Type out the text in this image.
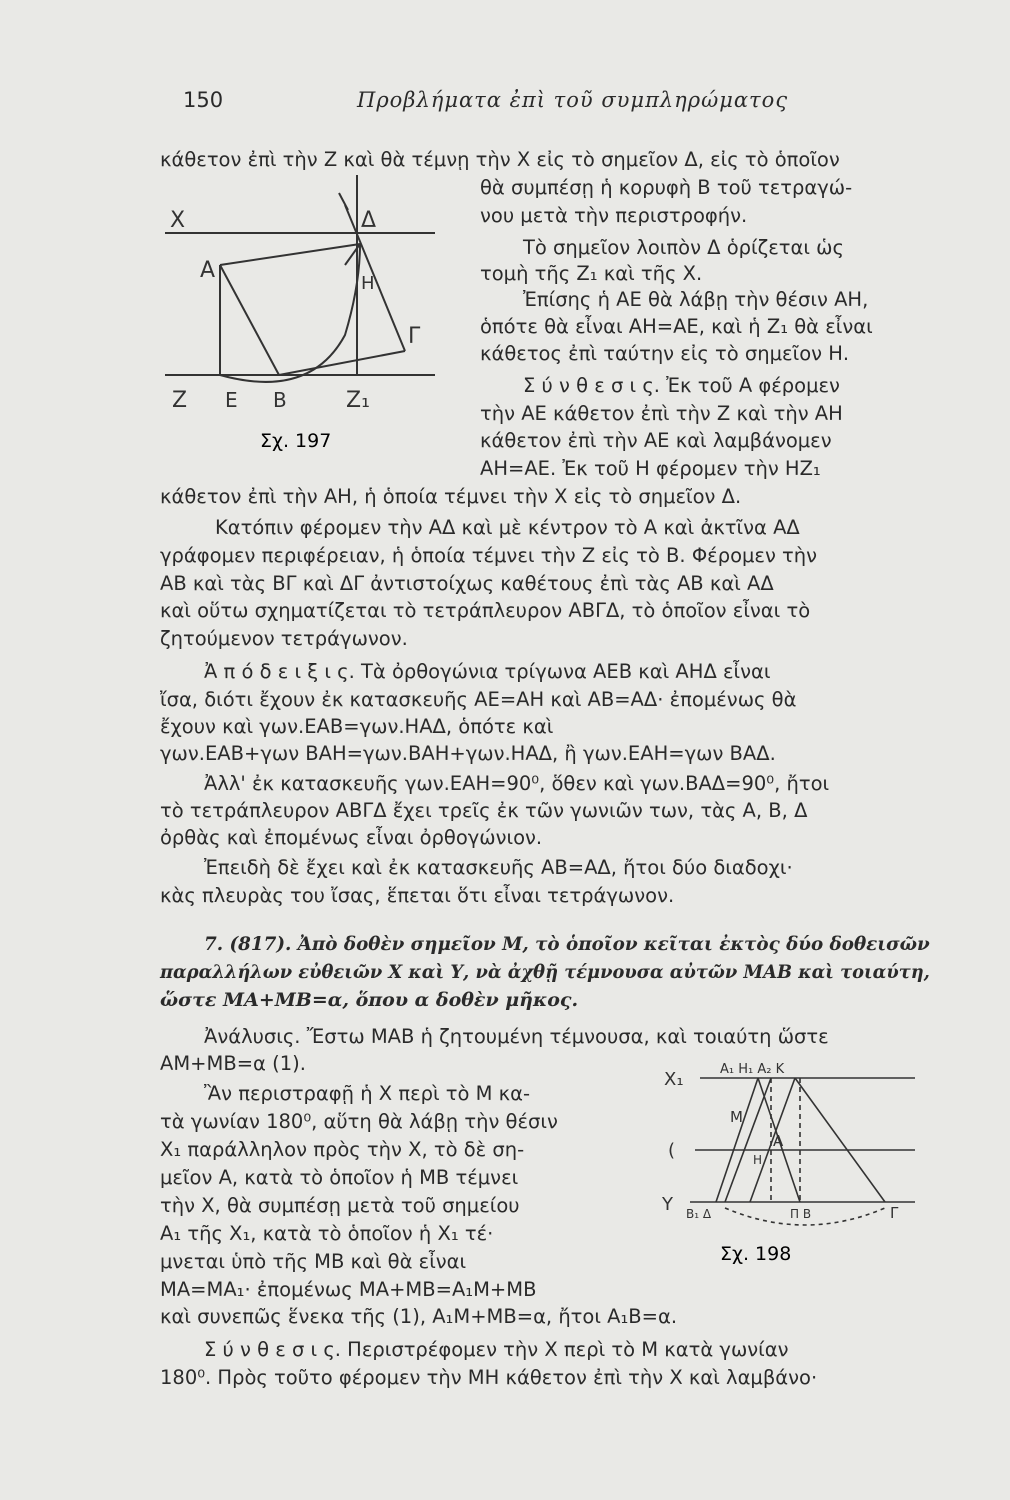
150	Προβλήματα ἐπὶ τοῦ συμπληρώματος
X	Δ
A
H
Γ
Z E B	Z₁
Σχ. 197
X₁	A₁ H₁ A₂ K
M
(	A
H
Y B₁ Δ	Π B	Γ
Σχ. 198
κάθετον ἐπὶ τὴν Ζ καὶ θὰ τέμνῃ τὴν Χ εἰς τὸ σημεῖον Δ, εἰς τὸ ὁποῖον
θὰ συμπέσῃ ἡ κορυφὴ Β τοῦ τετραγώ-
νου μετὰ τὴν περιστροφήν.
Τὸ σημεῖον λοιπὸν Δ ὁρίζεται ὡς
τομὴ τῆς Ζ₁ καὶ τῆς Χ.
Ἐπίσης ἡ ΑΕ θὰ λάβῃ τὴν θέσιν ΑΗ,
ὁπότε θὰ εἶναι ΑΗ=ΑΕ, καὶ ἡ Ζ₁ θὰ εἶναι
κάθετος ἐπὶ ταύτην εἰς τὸ σημεῖον Η.
Σ ύ ν θ ε σ ι ς. Ἐκ τοῦ Α φέρομεν
τὴν ΑΕ κάθετον ἐπὶ τὴν Ζ καὶ τὴν ΑΗ
κάθετον ἐπὶ τὴν ΑΕ καὶ λαμβάνομεν
ΑΗ=ΑΕ. Ἐκ τοῦ Η φέρομεν τὴν ΗΖ₁
κάθετον ἐπὶ τὴν ΑΗ, ἡ ὁποία τέμνει τὴν Χ εἰς τὸ σημεῖον Δ.
Κατόπιν φέρομεν τὴν ΑΔ καὶ μὲ κέντρον τὸ Α καὶ ἀκτῖνα ΑΔ
γράφομεν περιφέρειαν, ἡ ὁποία τέμνει τὴν Ζ εἰς τὸ Β. Φέρομεν τὴν
ΑΒ καὶ τὰς ΒΓ καὶ ΔΓ ἀντιστοίχως καθέτους ἐπὶ τὰς ΑΒ καὶ ΑΔ
καὶ οὕτω σχηματίζεται τὸ τετράπλευρον ΑΒΓΔ, τὸ ὁποῖον εἶναι τὸ
ζητούμενον τετράγωνον.
Ἀ π ό δ ε ι ξ ι ς. Τὰ ὀρθογώνια τρίγωνα ΑΕΒ καὶ ΑΗΔ εἶναι
ἴσα, διότι ἔχουν ἐκ κατασκευῆς ΑΕ=ΑΗ καὶ ΑΒ=ΑΔ· ἐπομένως θὰ
ἔχουν καὶ γων.ΕΑΒ=γων.ΗΑΔ, ὁπότε καὶ
γων.ΕΑΒ+γων ΒΑΗ=γων.ΒΑΗ+γων.ΗΑΔ, ἢ γων.ΕΑΗ=γων ΒΑΔ.
Ἀλλ' ἐκ κατασκευῆς γων.ΕΑΗ=90⁰, ὅθεν καὶ γων.ΒΑΔ=90⁰, ἤτοι
τὸ τετράπλευρον ΑΒΓΔ ἔχει τρεῖς ἐκ τῶν γωνιῶν των, τὰς Α, Β, Δ
ὀρθὰς καὶ ἐπομένως εἶναι ὀρθογώνιον.
Ἐπειδὴ δὲ ἔχει καὶ ἐκ κατασκευῆς ΑΒ=ΑΔ, ἤτοι δύο διαδοχι·
κὰς πλευρὰς του ἴσας, ἕπεται ὅτι εἶναι τετράγωνον.
7. (817). Ἀπὸ δοθὲν σημεῖον Μ, τὸ ὁποῖον κεῖται ἐκτὸς δύο δοθεισῶν
παραλλήλων εὐθειῶν Χ καὶ Υ, νὰ ἀχθῇ τέμνουσα αὐτῶν ΜΑΒ καὶ τοιαύτη,
ὥστε ΜΑ+ΜΒ=α, ὅπου α δοθὲν μῆκος.
Ἀνάλυσις. Ἔστω ΜΑΒ ἡ ζητουμένη τέμνουσα, καὶ τοιαύτη ὥστε
ΑΜ+ΜΒ=α (1).
Ἂν περιστραφῇ ἡ Χ περὶ τὸ Μ κα-
τὰ γωνίαν 180⁰, αὕτη θὰ λάβῃ τὴν θέσιν
Χ₁ παράλληλον πρὸς τὴν Χ, τὸ δὲ ση-
μεῖον Α, κατὰ τὸ ὁποῖον ἡ ΜΒ τέμνει
τὴν Χ, θὰ συμπέσῃ μετὰ τοῦ σημείου
Α₁ τῆς Χ₁, κατὰ τὸ ὁποῖον ἡ Χ₁ τέ·
μνεται ὑπὸ τῆς ΜΒ καὶ θὰ εἶναι
ΜΑ=ΜΑ₁· ἐπομένως ΜΑ+ΜΒ=Α₁Μ+ΜΒ
καὶ συνεπῶς ἕνεκα τῆς (1), Α₁Μ+ΜΒ=α, ἤτοι Α₁Β=α.
Σ ύ ν θ ε σ ι ς. Περιστρέφομεν τὴν Χ περὶ τὸ Μ κατὰ γωνίαν
180⁰. Πρὸς τοῦτο φέρομεν τὴν ΜΗ κάθετον ἐπὶ τὴν Χ καὶ λαμβάνο·
